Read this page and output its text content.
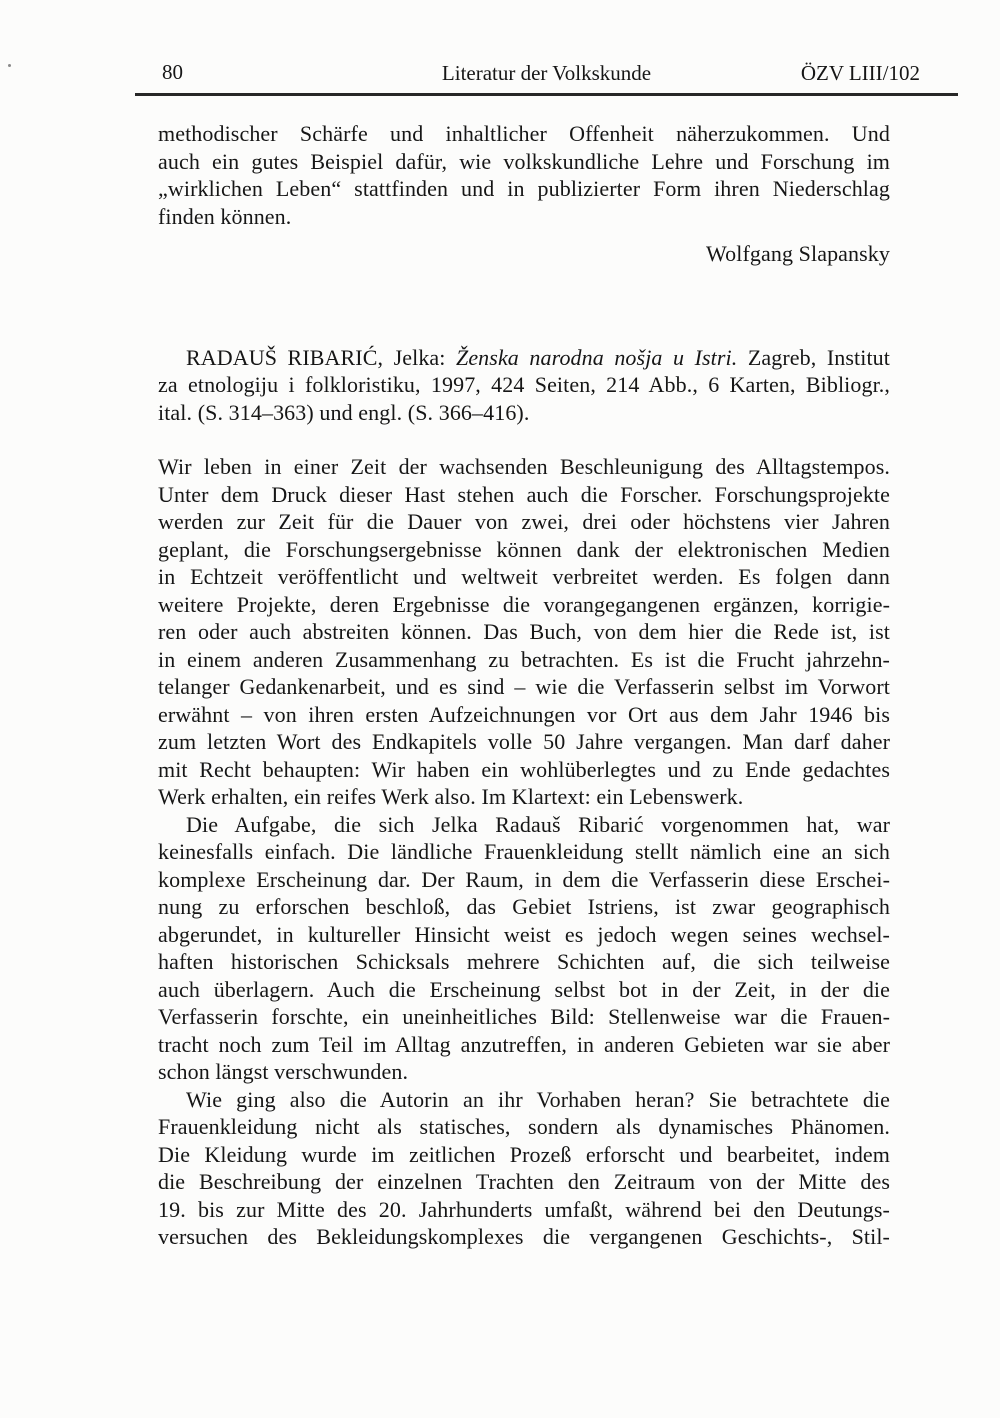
80	Literatur der Volkskunde	ÖZV LIII/102
methodischer Schärfe und inhaltlicher Offenheit näherzukommen. Und
auch ein gutes Beispiel dafür, wie volkskundliche Lehre und Forschung im
„wirklichen Leben“ stattfinden und in publizierter Form ihren Niederschlag
finden können.
Wolfgang Slapansky
RADAUŠ RIBARIĆ, Jelka: Ženska narodna nošja u Istri. Zagreb, Institut
za etnologiju i folkloristiku, 1997, 424 Seiten, 214 Abb., 6 Karten, Bibliogr.,
ital. (S. 314–363) und engl. (S. 366–416).
Wir leben in einer Zeit der wachsenden Beschleunigung des Alltagstempos.
Unter dem Druck dieser Hast stehen auch die Forscher. Forschungsprojekte
werden zur Zeit für die Dauer von zwei, drei oder höchstens vier Jahren
geplant, die Forschungsergebnisse können dank der elektronischen Medien
in Echtzeit veröffentlicht und weltweit verbreitet werden. Es folgen dann
weitere Projekte, deren Ergebnisse die vorangegangenen ergänzen, korrigie-
ren oder auch abstreiten können. Das Buch, von dem hier die Rede ist, ist
in einem anderen Zusammenhang zu betrachten. Es ist die Frucht jahrzehn-
telanger Gedankenarbeit, und es sind – wie die Verfasserin selbst im Vorwort
erwähnt – von ihren ersten Aufzeichnungen vor Ort aus dem Jahr 1946 bis
zum letzten Wort des Endkapitels volle 50 Jahre vergangen. Man darf daher
mit Recht behaupten: Wir haben ein wohlüberlegtes und zu Ende gedachtes
Werk erhalten, ein reifes Werk also. Im Klartext: ein Lebenswerk.
Die Aufgabe, die sich Jelka Radauš Ribarić vorgenommen hat, war
keinesfalls einfach. Die ländliche Frauenkleidung stellt nämlich eine an sich
komplexe Erscheinung dar. Der Raum, in dem die Verfasserin diese Erschei-
nung zu erforschen beschloß, das Gebiet Istriens, ist zwar geographisch
abgerundet, in kultureller Hinsicht weist es jedoch wegen seines wechsel-
haften historischen Schicksals mehrere Schichten auf, die sich teilweise
auch überlagern. Auch die Erscheinung selbst bot in der Zeit, in der die
Verfasserin forschte, ein uneinheitliches Bild: Stellenweise war die Frauen-
tracht noch zum Teil im Alltag anzutreffen, in anderen Gebieten war sie aber
schon längst verschwunden.
Wie ging also die Autorin an ihr Vorhaben heran? Sie betrachtete die
Frauenkleidung nicht als statisches, sondern als dynamisches Phänomen.
Die Kleidung wurde im zeitlichen Prozeß erforscht und bearbeitet, indem
die Beschreibung der einzelnen Trachten den Zeitraum von der Mitte des
19. bis zur Mitte des 20. Jahrhunderts umfaßt, während bei den Deutungs-
versuchen des Bekleidungskomplexes die vergangenen Geschichts-, Stil-
